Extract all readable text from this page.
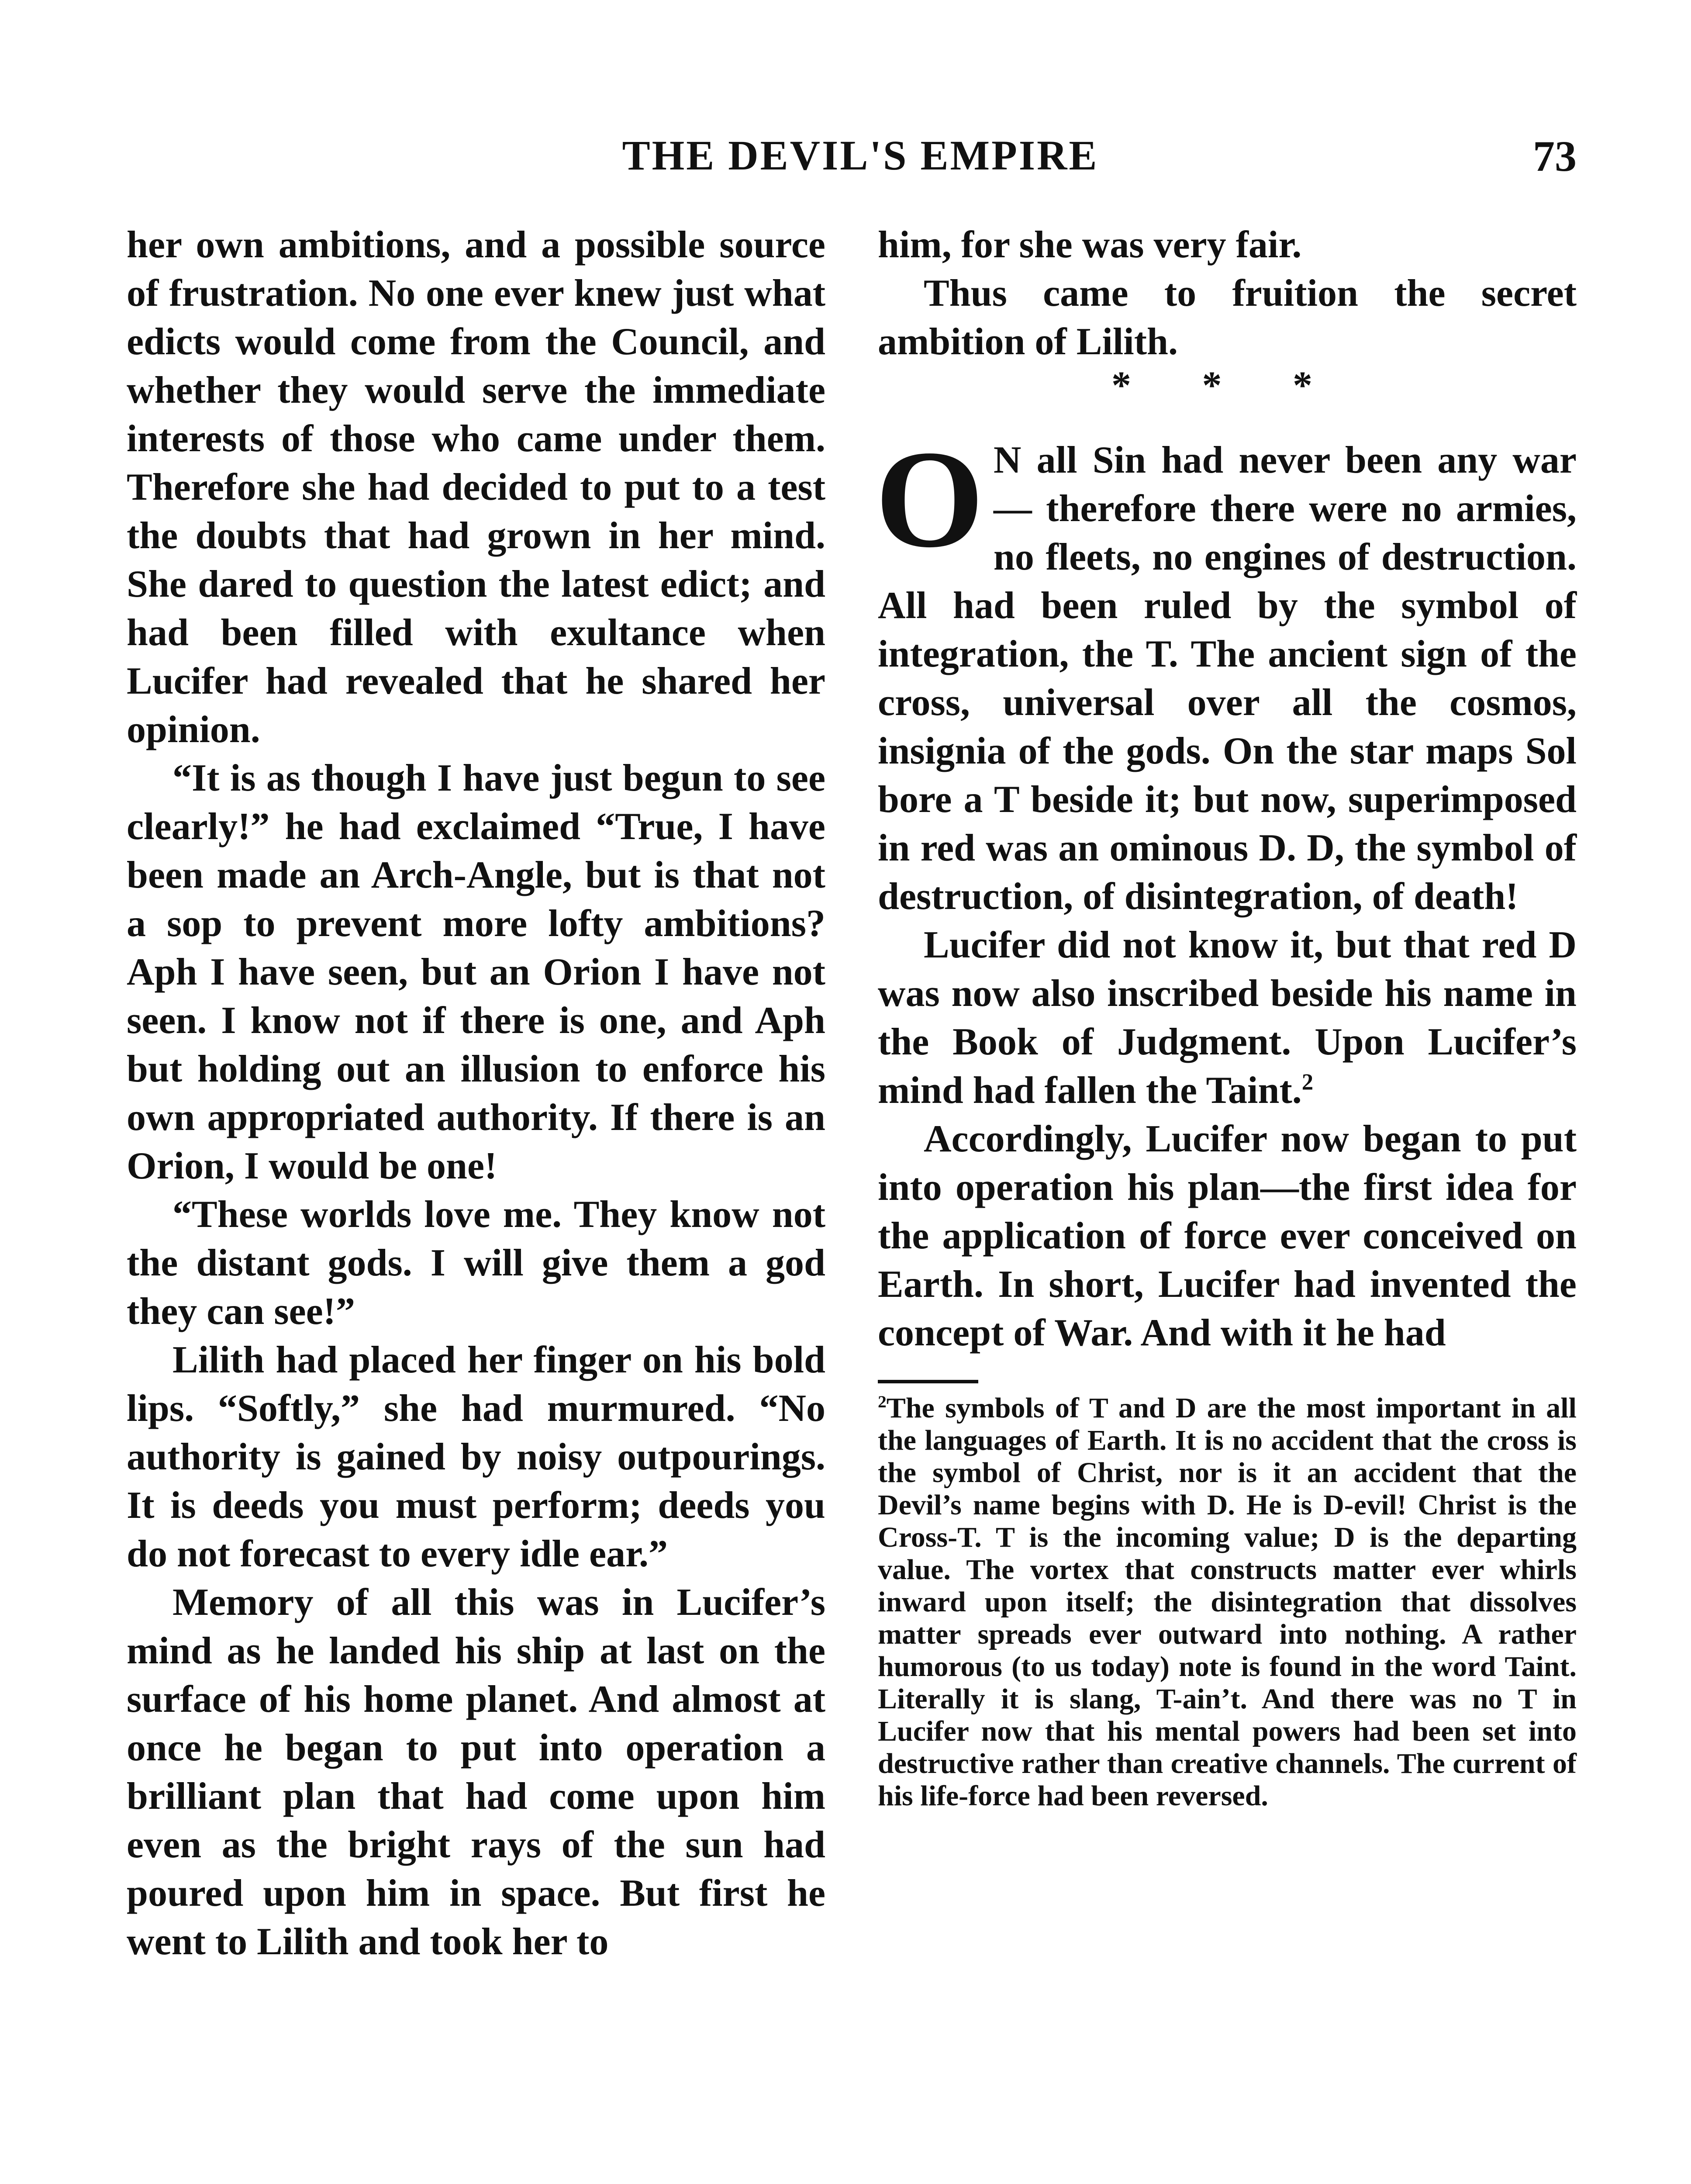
THE DEVIL'S EMPIRE	73

her own ambitions, and a possible source of frustration. No one ever knew just what edicts would come from the Council, and whether they would serve the immediate interests of those who came under them. Therefore she had decided to put to a test the doubts that had grown in her mind. She dared to question the latest edict; and had been filled with exultance when Lucifer had revealed that he shared her opinion.

“It is as though I have just begun to see clearly!” he had exclaimed “True, I have been made an Arch-Angle, but is that not a sop to prevent more lofty ambitions? Aph I have seen, but an Orion I have not seen. I know not if there is one, and Aph but holding out an illusion to enforce his own appropriated authority. If there is an Orion, I would be one!

“These worlds love me. They know not the distant gods. I will give them a god they can see!”

Lilith had placed her finger on his bold lips. “Softly,” she had murmured. “No authority is gained by noisy outpourings. It is deeds you must perform; deeds you do not forecast to every idle ear.”

Memory of all this was in Lucifer’s mind as he landed his ship at last on the surface of his home planet. And almost at once he began to put into operation a brilliant plan that had come upon him even as the bright rays of the sun had poured upon him in space. But first he went to Lilith and took her to

him, for she was very fair.

Thus came to fruition the secret ambition of Lilith.

* * *

O N all Sin had never been any war — therefore there were no armies, no fleets, no engines of destruction. All had been ruled by the symbol of integration, the T. The ancient sign of the cross, universal over all the cosmos, insignia of the gods. On the star maps Sol bore a T beside it; but now, superimposed in red was an ominous D. D, the symbol of destruction, of disintegration, of death!

Lucifer did not know it, but that red D was now also inscribed beside his name in the Book of Judgment. Upon Lucifer’s mind had fallen the Taint.$^2$

Accordingly, Lucifer now began to put into operation his plan—the first idea for the application of force ever conceived on Earth. In short, Lucifer had invented the concept of War. And with it he had

$^2$The symbols of T and D are the most important in all the languages of Earth. It is no accident that the cross is the symbol of Christ, nor is it an accident that the Devil’s name begins with D. He is D-evil! Christ is the Cross-T. T is the incoming value; D is the departing value. The vortex that constructs matter ever whirls inward upon itself; the disintegration that dissolves matter spreads ever outward into nothing. A rather humorous (to us today) note is found in the word Taint. Literally it is slang, T-ain’t. And there was no T in Lucifer now that his mental powers had been set into destructive rather than creative channels. The current of his life-force had been reversed.
